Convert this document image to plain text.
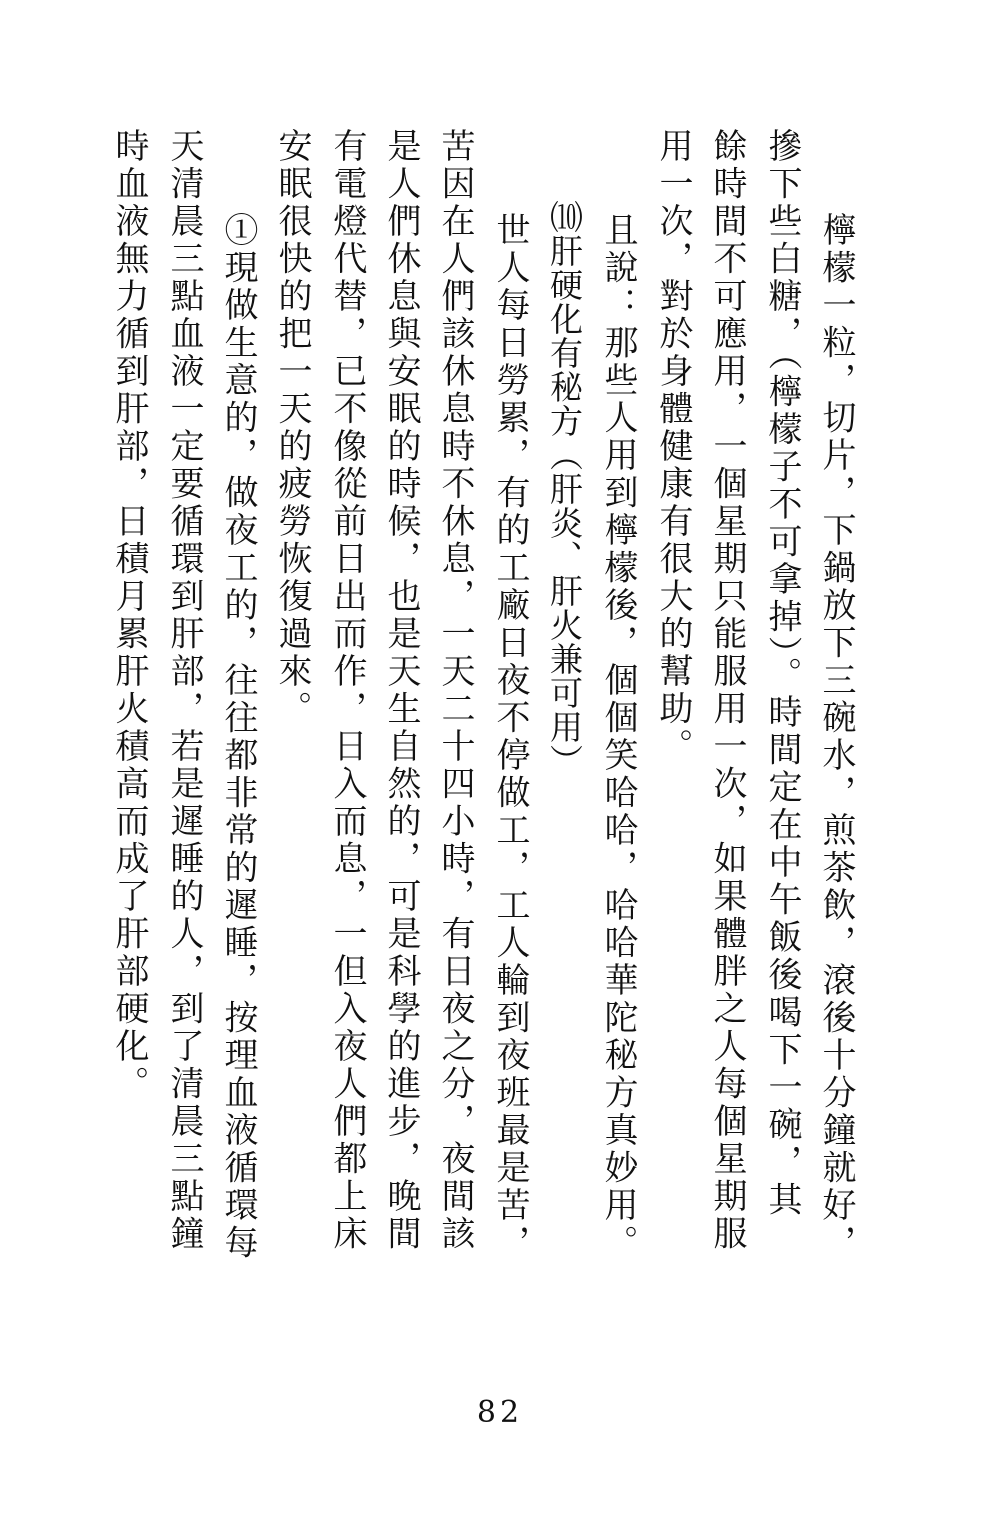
檸檬一粒，切片，下鍋放下三碗水，煎茶飲，滾後十分鐘就好，
摻下些白糖，（檸檬子不可拿掉）。時間定在中午飯後喝下一碗，其
餘時間不可應用，一個星期只能服用一次，如果體胖之人每個星期服
用一次，對於身體健康有很大的幫助。
且說：那些人用到檸檬後，個個笑哈哈，哈哈華陀秘方真妙用。
⑽肝硬化有秘方（肝炎、肝火兼可用）
世人每日勞累，有的工廠日夜不停做工，工人輪到夜班最是苦，
苦因在人們該休息時不休息，一天二十四小時，有日夜之分，夜間該
是人們休息與安眠的時候，也是天生自然的，可是科學的進步，晚間
有電燈代替，已不像從前日出而作，日入而息，一但入夜人們都上床
安眠很快的把一天的疲勞恢復過來。
①現做生意的，做夜工的，往往都非常的遲睡，按理血液循環每
天清晨三點血液一定要循環到肝部，若是遲睡的人，到了清晨三點鐘
時血液無力循到肝部，日積月累肝火積高而成了肝部硬化。
82
